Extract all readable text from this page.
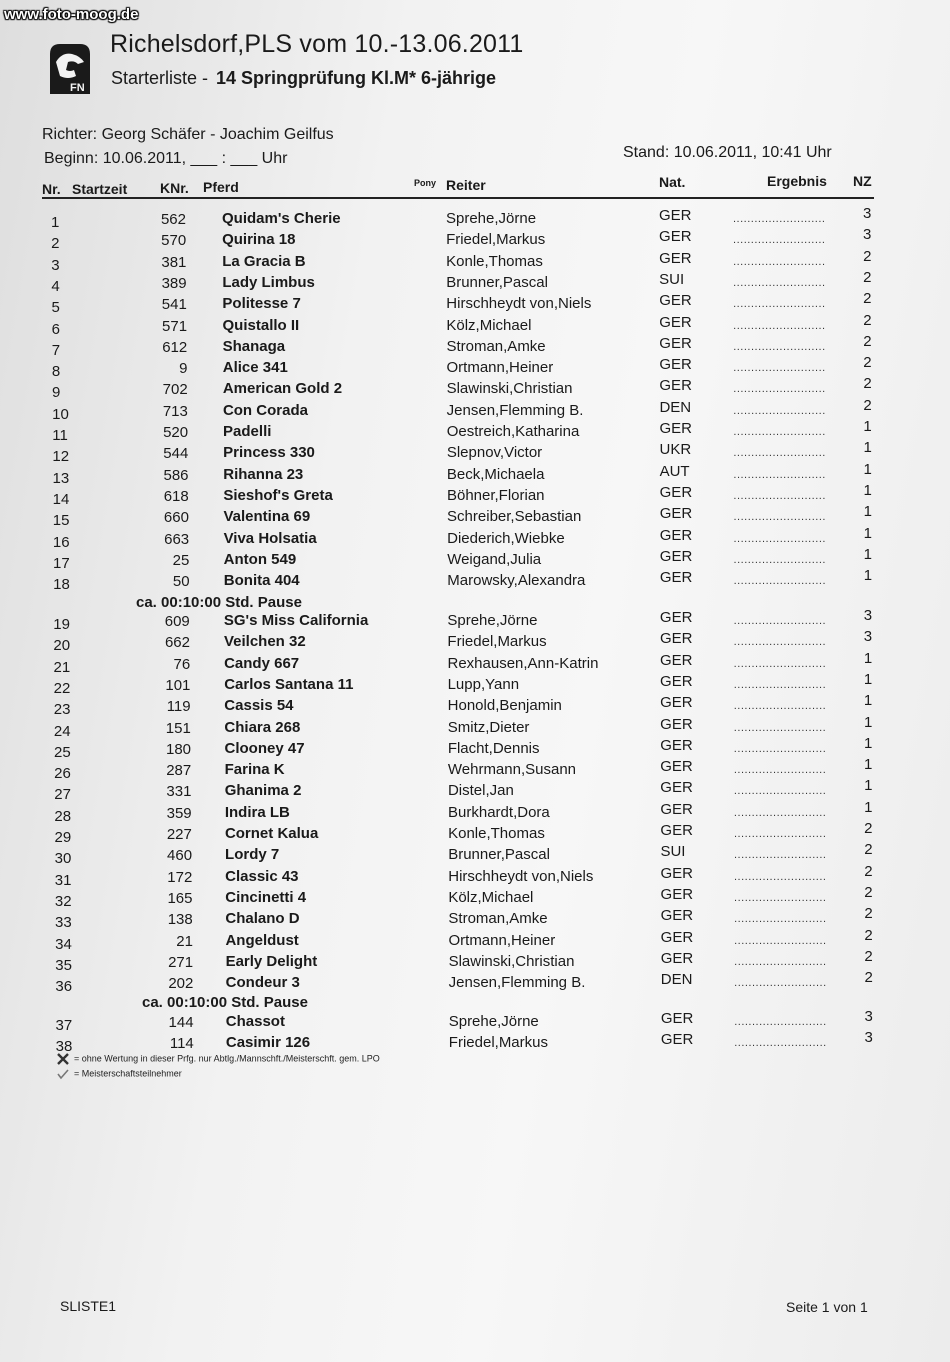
www.foto-moog.de
FN
Richelsdorf,PLS vom 10.-13.06.2011
Starterliste - 14 Springprüfung Kl.M* 6-jährige
Richter: Georg Schäfer - Joachim Geilfus
Beginn: 10.06.2011, ___ : ___ Uhr	Stand: 10.06.2011, 10:41 Uhr
Nr. Startzeit KNr. Pferd	Pony Reiter	Nat.	Ergebnis NZ
1	562 Quidam's Cherie	Sprehe,Jörne	GER	..........................	3
2	570 Quirina 18	Friedel,Markus	GER	..........................	3
3	381 La Gracia B	Konle,Thomas	GER	..........................	2
4	389 Lady Limbus	Brunner,Pascal	SUI	..........................	2
5	541 Politesse 7	Hirschheydt von,Niels	GER	..........................	2
6	571 Quistallo II	Kölz,Michael	GER	..........................	2
7	612 Shanaga	Stroman,Amke	GER	..........................	2
8	9 Alice 341	Ortmann,Heiner	GER	..........................	2
9	702 American Gold 2	Slawinski,Christian	GER	..........................	2
10	713 Con Corada	Jensen,Flemming B.	DEN	..........................	2
11	520 Padelli	Oestreich,Katharina	GER	..........................	1
12	544 Princess 330	Slepnov,Victor	UKR	..........................	1
13	586 Rihanna 23	Beck,Michaela	AUT	..........................	1
14	618 Sieshof's Greta	Böhner,Florian	GER	..........................	1
15	660 Valentina 69	Schreiber,Sebastian	GER	..........................	1
16	663 Viva Holsatia	Diederich,Wiebke	GER	..........................	1
17	25 Anton 549	Weigand,Julia	GER	..........................	1
18	50 Bonita 404	Marowsky,Alexandra	GER	..........................	1
19	609 SG's Miss California	Sprehe,Jörne	GER	..........................	3
20	662 Veilchen 32	Friedel,Markus	GER	..........................	3
21	76 Candy 667	Rexhausen,Ann-Katrin	GER	..........................	1
22	101 Carlos Santana 11	Lupp,Yann	GER	..........................	1
23	119 Cassis 54	Honold,Benjamin	GER	..........................	1
24	151 Chiara 268	Smitz,Dieter	GER	..........................	1
25	180 Clooney 47	Flacht,Dennis	GER	..........................	1
26	287 Farina K	Wehrmann,Susann	GER	..........................	1
27	331 Ghanima 2	Distel,Jan	GER	..........................	1
28	359 Indira LB	Burkhardt,Dora	GER	..........................	1
29	227 Cornet Kalua	Konle,Thomas	GER	..........................	2
30	460 Lordy 7	Brunner,Pascal	SUI	..........................	2
31	172 Classic 43	Hirschheydt von,Niels	GER	..........................	2
32	165 Cincinetti 4	Kölz,Michael	GER	..........................	2
33	138 Chalano D	Stroman,Amke	GER	..........................	2
34	21 Angeldust	Ortmann,Heiner	GER	..........................	2
35	271 Early Delight	Slawinski,Christian	GER	..........................	2
36	202 Condeur 3	Jensen,Flemming B.	DEN	..........................	2
37	144 Chassot	Sprehe,Jörne	GER	..........................	3
38	114 Casimir 126	Friedel,Markus	GER	..........................	3
ca. 00:10:00 Std. Pause
ca. 00:10:00 Std. Pause
= ohne Wertung in dieser Prfg. nur Abtlg./Mannschft./Meisterschft. gem. LPO
= Meisterschaftsteilnehmer
SLISTE1	Seite 1 von 1
